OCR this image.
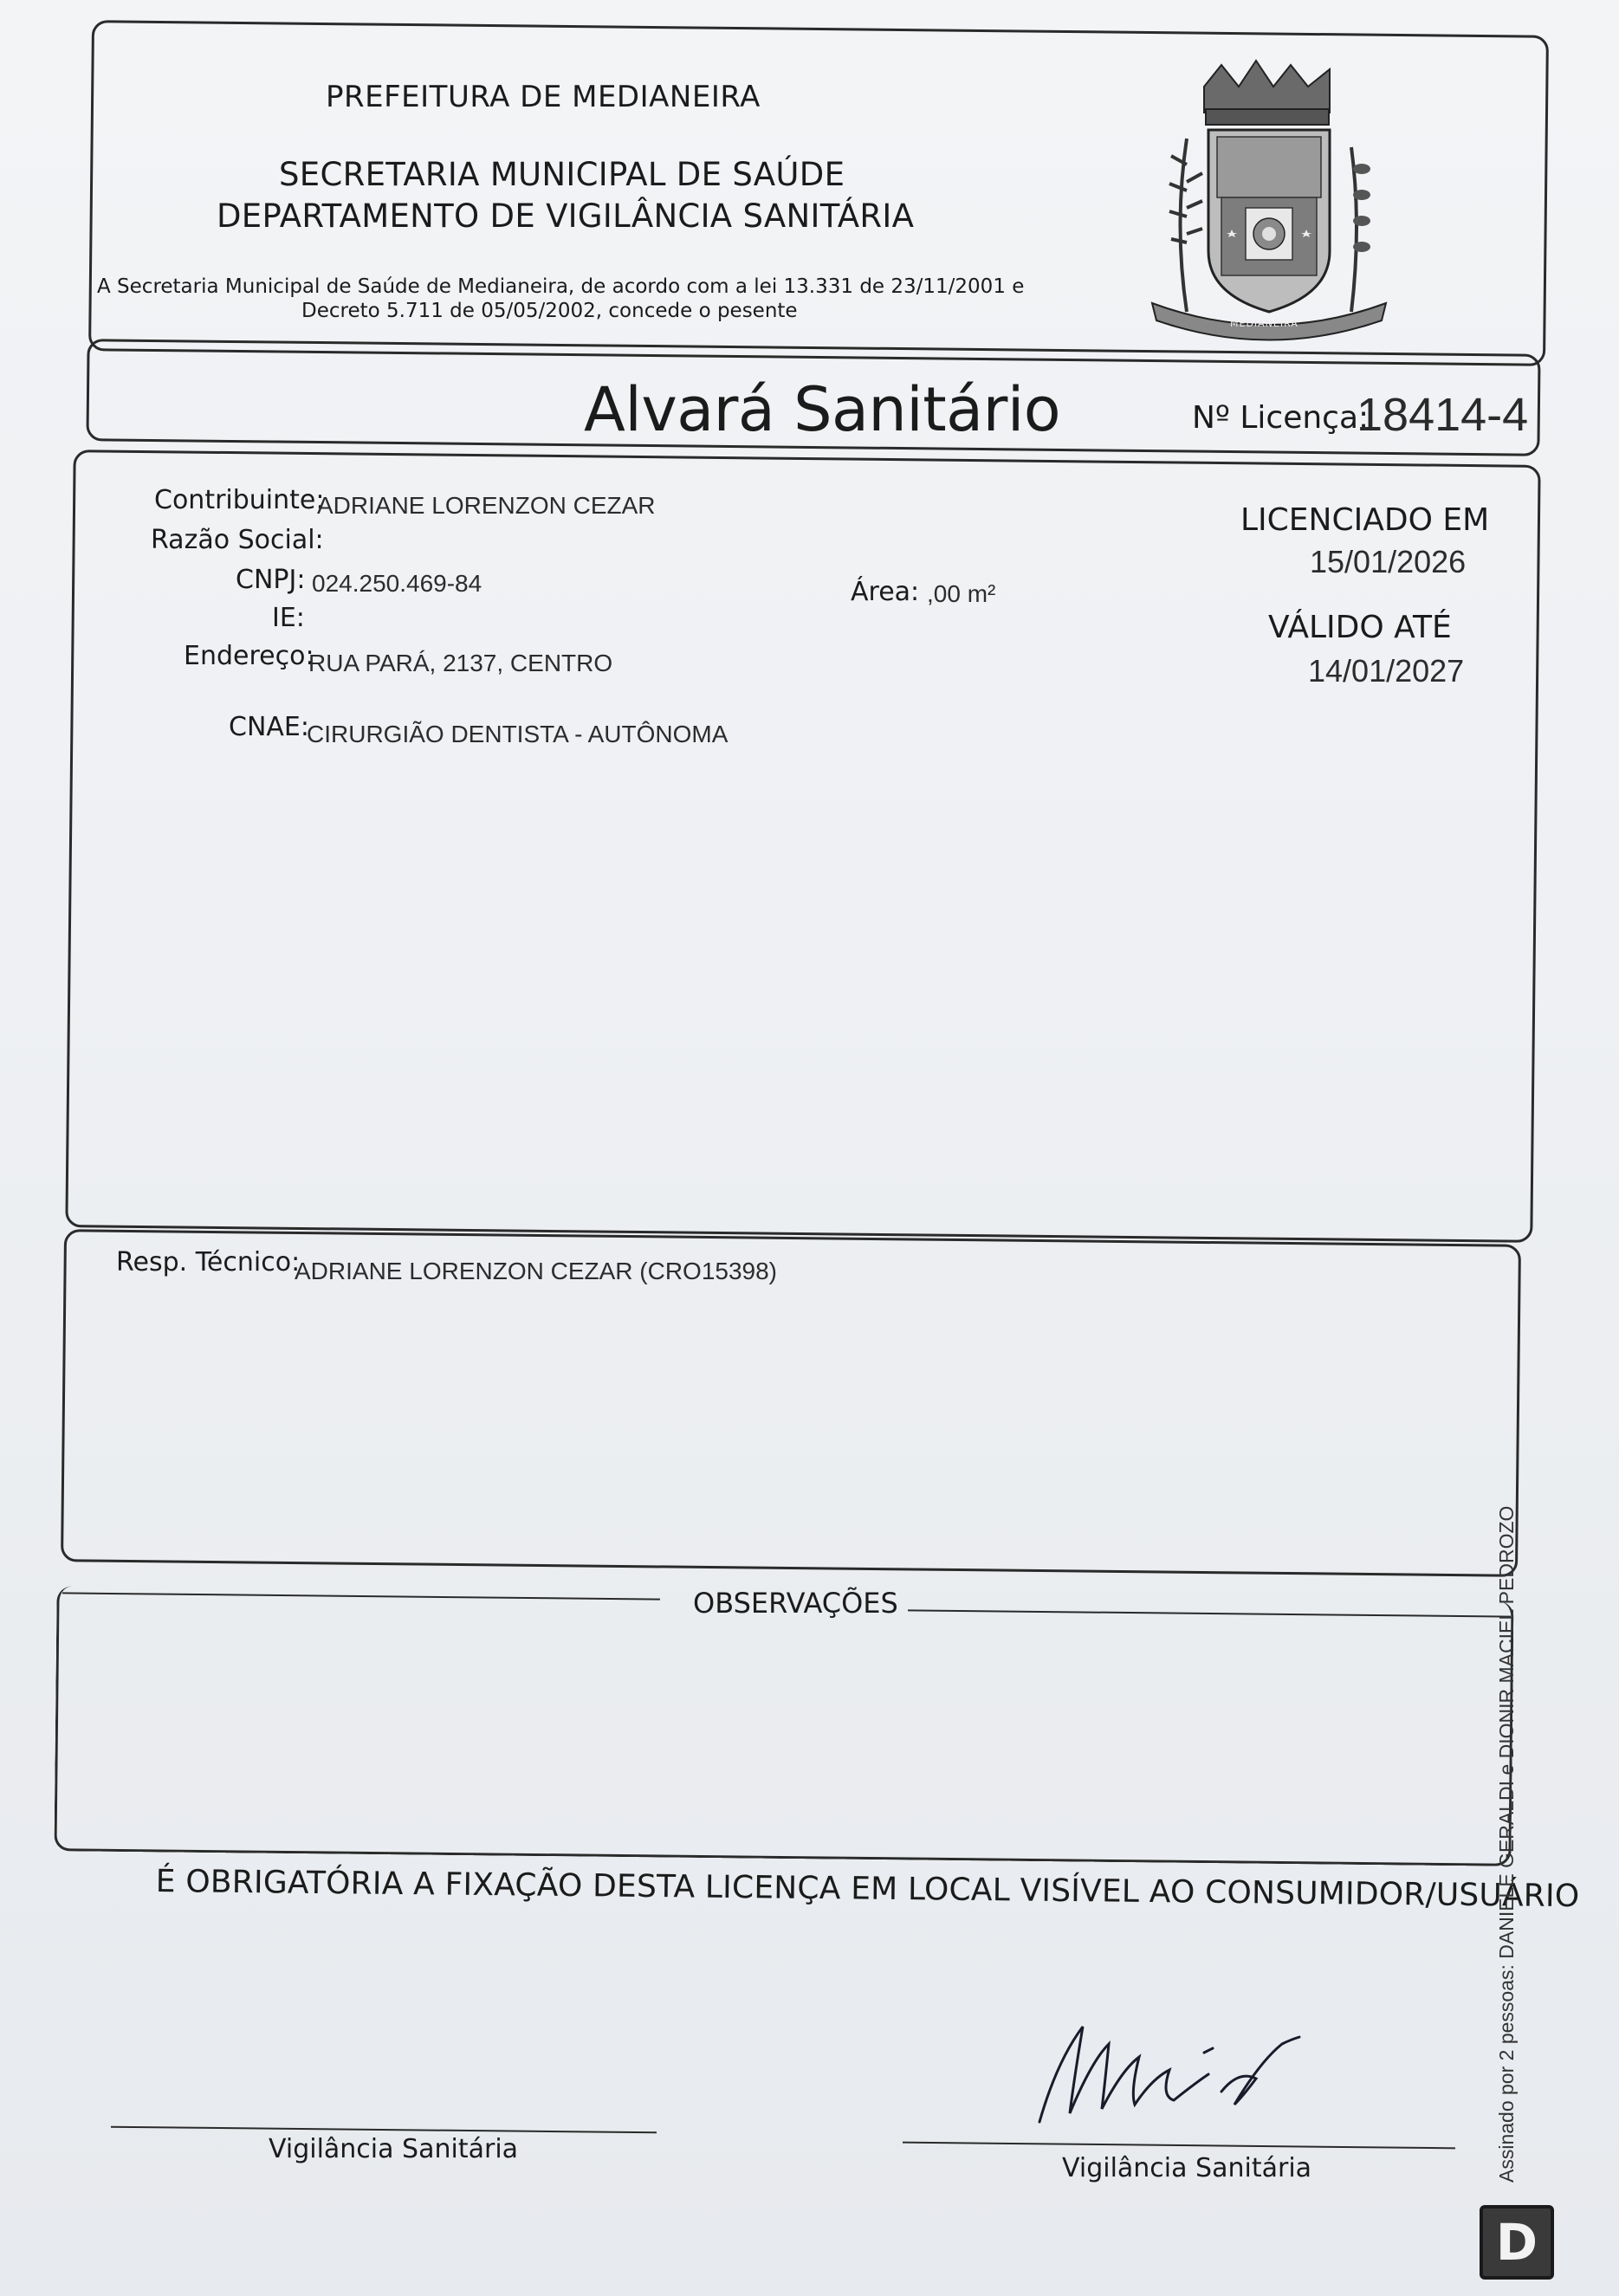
PREFEITURA DE MEDIANEIRA
SECRETARIA MUNICIPAL DE SAÚDE
DEPARTAMENTO DE VIGILÂNCIA SANITÁRIA
A Secretaria Municipal de Saúde de Medianeira, de acordo com a lei 13.331 de 23/11/2001 e
Decreto 5.711 de 05/05/2002, concede o pesente
MEDIANEIRA
Alvará Sanitário	Nº Licença:
18414-4
Contribuinte:
ADRIANE LORENZON CEZAR
Razão Social:
CNPJ: 024.250.469-84
IE:
Endereço:
RUA PARÁ, 2137, CENTRO
CNAE:
CIRURGIÃO DENTISTA - AUTÔNOMA
Área: ,00 m²
LICENCIADO EM
15/01/2026
VÁLIDO ATÉ
14/01/2027
Resp. Técnico:
ADRIANE LORENZON CEZAR (CRO15398)
OBSERVAÇÕES
É OBRIGATÓRIA A FIXAÇÃO DESTA LICENÇA EM LOCAL VISÍVEL AO CONSUMIDOR/USUÁRIO
Vigilância Sanitária
Vigilância Sanitária	Assinado por 2 pessoas: DANIELE GERALDI e DIONIR MACIEL PEDROZO
D
